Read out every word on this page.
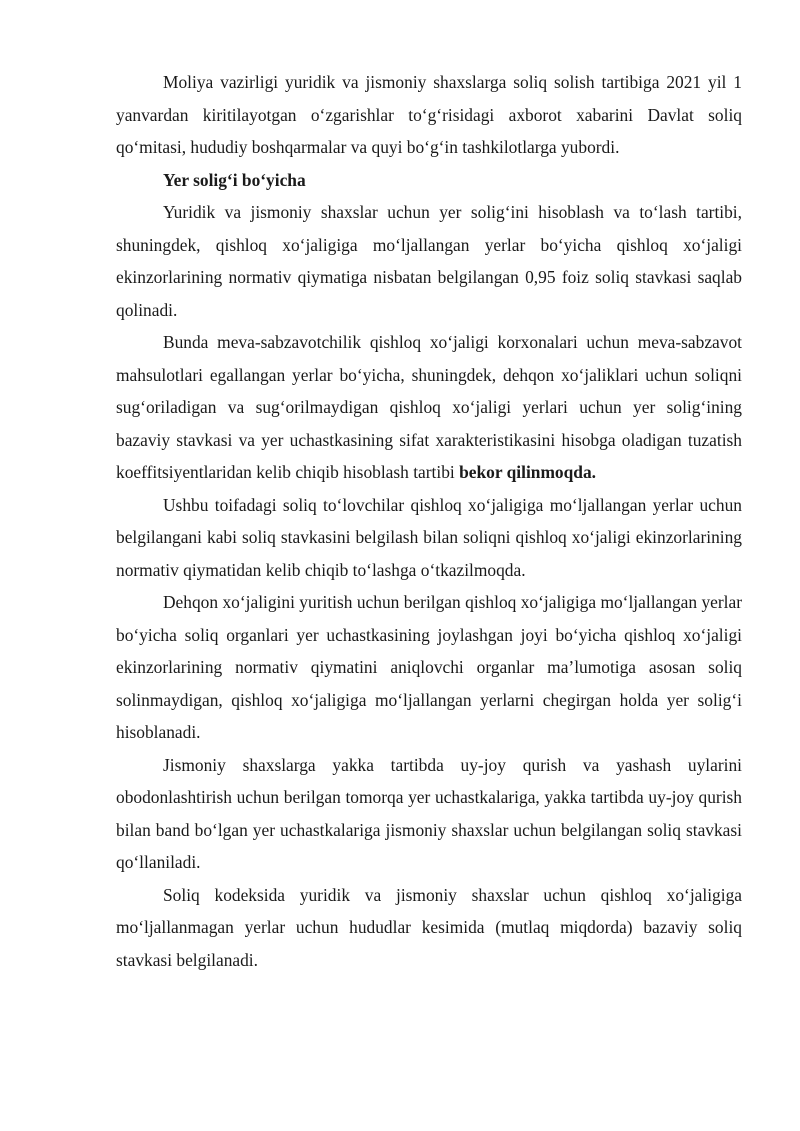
Moliya vazirligi yuridik va jismoniy shaxslarga soliq solish tartibiga 2021 yil 1 yanvardan kiritilayotgan oʻzgarishlar toʻgʻrisidagi axborot xabarini Davlat soliq qoʻmitasi, hududiy boshqarmalar va quyi boʻgʻin tashkilotlarga yubordi.

Yer soligʻi boʻyicha

Yuridik va jismoniy shaxslar uchun yer soligʻini hisoblash va toʻlash tartibi, shuningdek, qishloq xoʻjaligiga moʻljallangan yerlar boʻyicha qishloq xoʻjaligi ekinzorlarining normativ qiymatiga nisbatan belgilangan 0,95 foiz soliq stavkasi saqlab qolinadi.

Bunda meva-sabzavotchilik qishloq xoʻjaligi korxonalari uchun meva-sabzavot mahsulotlari egallangan yerlar boʻyicha, shuningdek, dehqon xoʻjaliklari uchun soliqni sugʻoriladigan va sugʻorilmaydigan qishloq xoʻjaligi yerlari uchun yer soligʻining bazaviy stavkasi va yer uchastkasining sifat xarakteristikasini hisobga oladigan tuzatish koeffitsiyentlaridan kelib chiqib hisoblash tartibi bekor qilinmoqda.

Ushbu toifadagi soliq toʻlovchilar qishloq xoʻjaligiga moʻljallangan yerlar uchun belgilangani kabi soliq stavkasini belgilash bilan soliqni qishloq xoʻjaligi ekinzorlarining normativ qiymatidan kelib chiqib toʻlashga oʻtkazilmoqda.

Dehqon xoʻjaligini yuritish uchun berilgan qishloq xoʻjaligiga moʻljallangan yerlar boʻyicha soliq organlari yer uchastkasining joylashgan joyi boʻyicha qishloq xoʻjaligi ekinzorlarining normativ qiymatini aniqlovchi organlar maʼlumotiga asosan soliq solinmaydigan, qishloq xoʻjaligiga moʻljallangan yerlarni chegirgan holda yer soligʻi hisoblanadi.

Jismoniy shaxslarga yakka tartibda uy-joy qurish va yashash uylarini obodonlashtirish uchun berilgan tomorqa yer uchastkalariga, yakka tartibda uy-joy qurish bilan band boʻlgan yer uchastkalariga jismoniy shaxslar uchun belgilangan soliq stavkasi qoʻllaniladi.

Soliq kodeksida yuridik va jismoniy shaxslar uchun qishloq xoʻjaligiga moʻljallanmagan yerlar uchun hududlar kesimida (mutlaq miqdorda) bazaviy soliq stavkasi belgilanadi.
